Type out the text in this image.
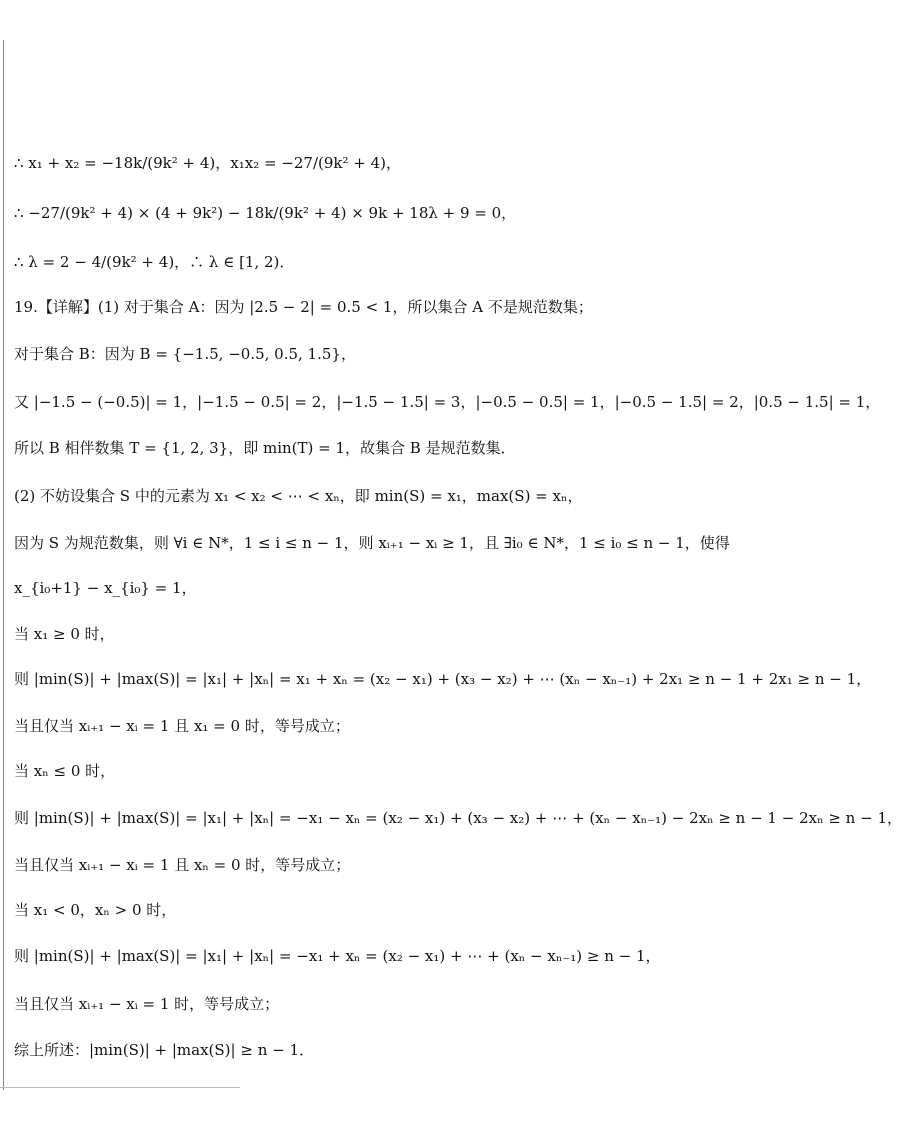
∴ x₁ + x₂ = −18k/(9k² + 4)，x₁x₂ = −27/(9k² + 4)，
∴ −27/(9k² + 4) × (4 + 9k²) − 18k/(9k² + 4) × 9k + 18λ + 9 = 0，
∴ λ = 2 − 4/(9k² + 4)，∴ λ ∈ [1, 2)．
19.【详解】(1) 对于集合 A：因为 |2.5 − 2| = 0.5 < 1，所以集合 A 不是规范数集；
对于集合 B：因为 B = {−1.5, −0.5, 0.5, 1.5}，
又 |−1.5 − (−0.5)| = 1，|−1.5 − 0.5| = 2，|−1.5 − 1.5| = 3，|−0.5 − 0.5| = 1，|−0.5 − 1.5| = 2，|0.5 − 1.5| = 1，
所以 B 相伴数集 T = {1, 2, 3}，即 min(T) = 1，故集合 B 是规范数集．
(2) 不妨设集合 S 中的元素为 x₁ < x₂ < ⋯ < xₙ，即 min(S) = x₁，max(S) = xₙ，
因为 S 为规范数集，则 ∀i ∈ N*，1 ≤ i ≤ n − 1，则 xᵢ₊₁ − xᵢ ≥ 1，且 ∃i₀ ∈ N*，1 ≤ i₀ ≤ n − 1，使得
x_{i₀+1} − x_{i₀} = 1，
当 x₁ ≥ 0 时，
则 |min(S)| + |max(S)| = |x₁| + |xₙ| = x₁ + xₙ = (x₂ − x₁) + (x₃ − x₂) + ⋯ (xₙ − xₙ₋₁) + 2x₁ ≥ n − 1 + 2x₁ ≥ n − 1，
当且仅当 xᵢ₊₁ − xᵢ = 1 且 x₁ = 0 时，等号成立；
当 xₙ ≤ 0 时，
则 |min(S)| + |max(S)| = |x₁| + |xₙ| = −x₁ − xₙ = (x₂ − x₁) + (x₃ − x₂) + ⋯ + (xₙ − xₙ₋₁) − 2xₙ ≥ n − 1 − 2xₙ ≥ n − 1，
当且仅当 xᵢ₊₁ − xᵢ = 1 且 xₙ = 0 时，等号成立；
当 x₁ < 0，xₙ > 0 时，
则 |min(S)| + |max(S)| = |x₁| + |xₙ| = −x₁ + xₙ = (x₂ − x₁) + ⋯ + (xₙ − xₙ₋₁) ≥ n − 1，
当且仅当 xᵢ₊₁ − xᵢ = 1 时，等号成立；
综上所述：|min(S)| + |max(S)| ≥ n − 1．
